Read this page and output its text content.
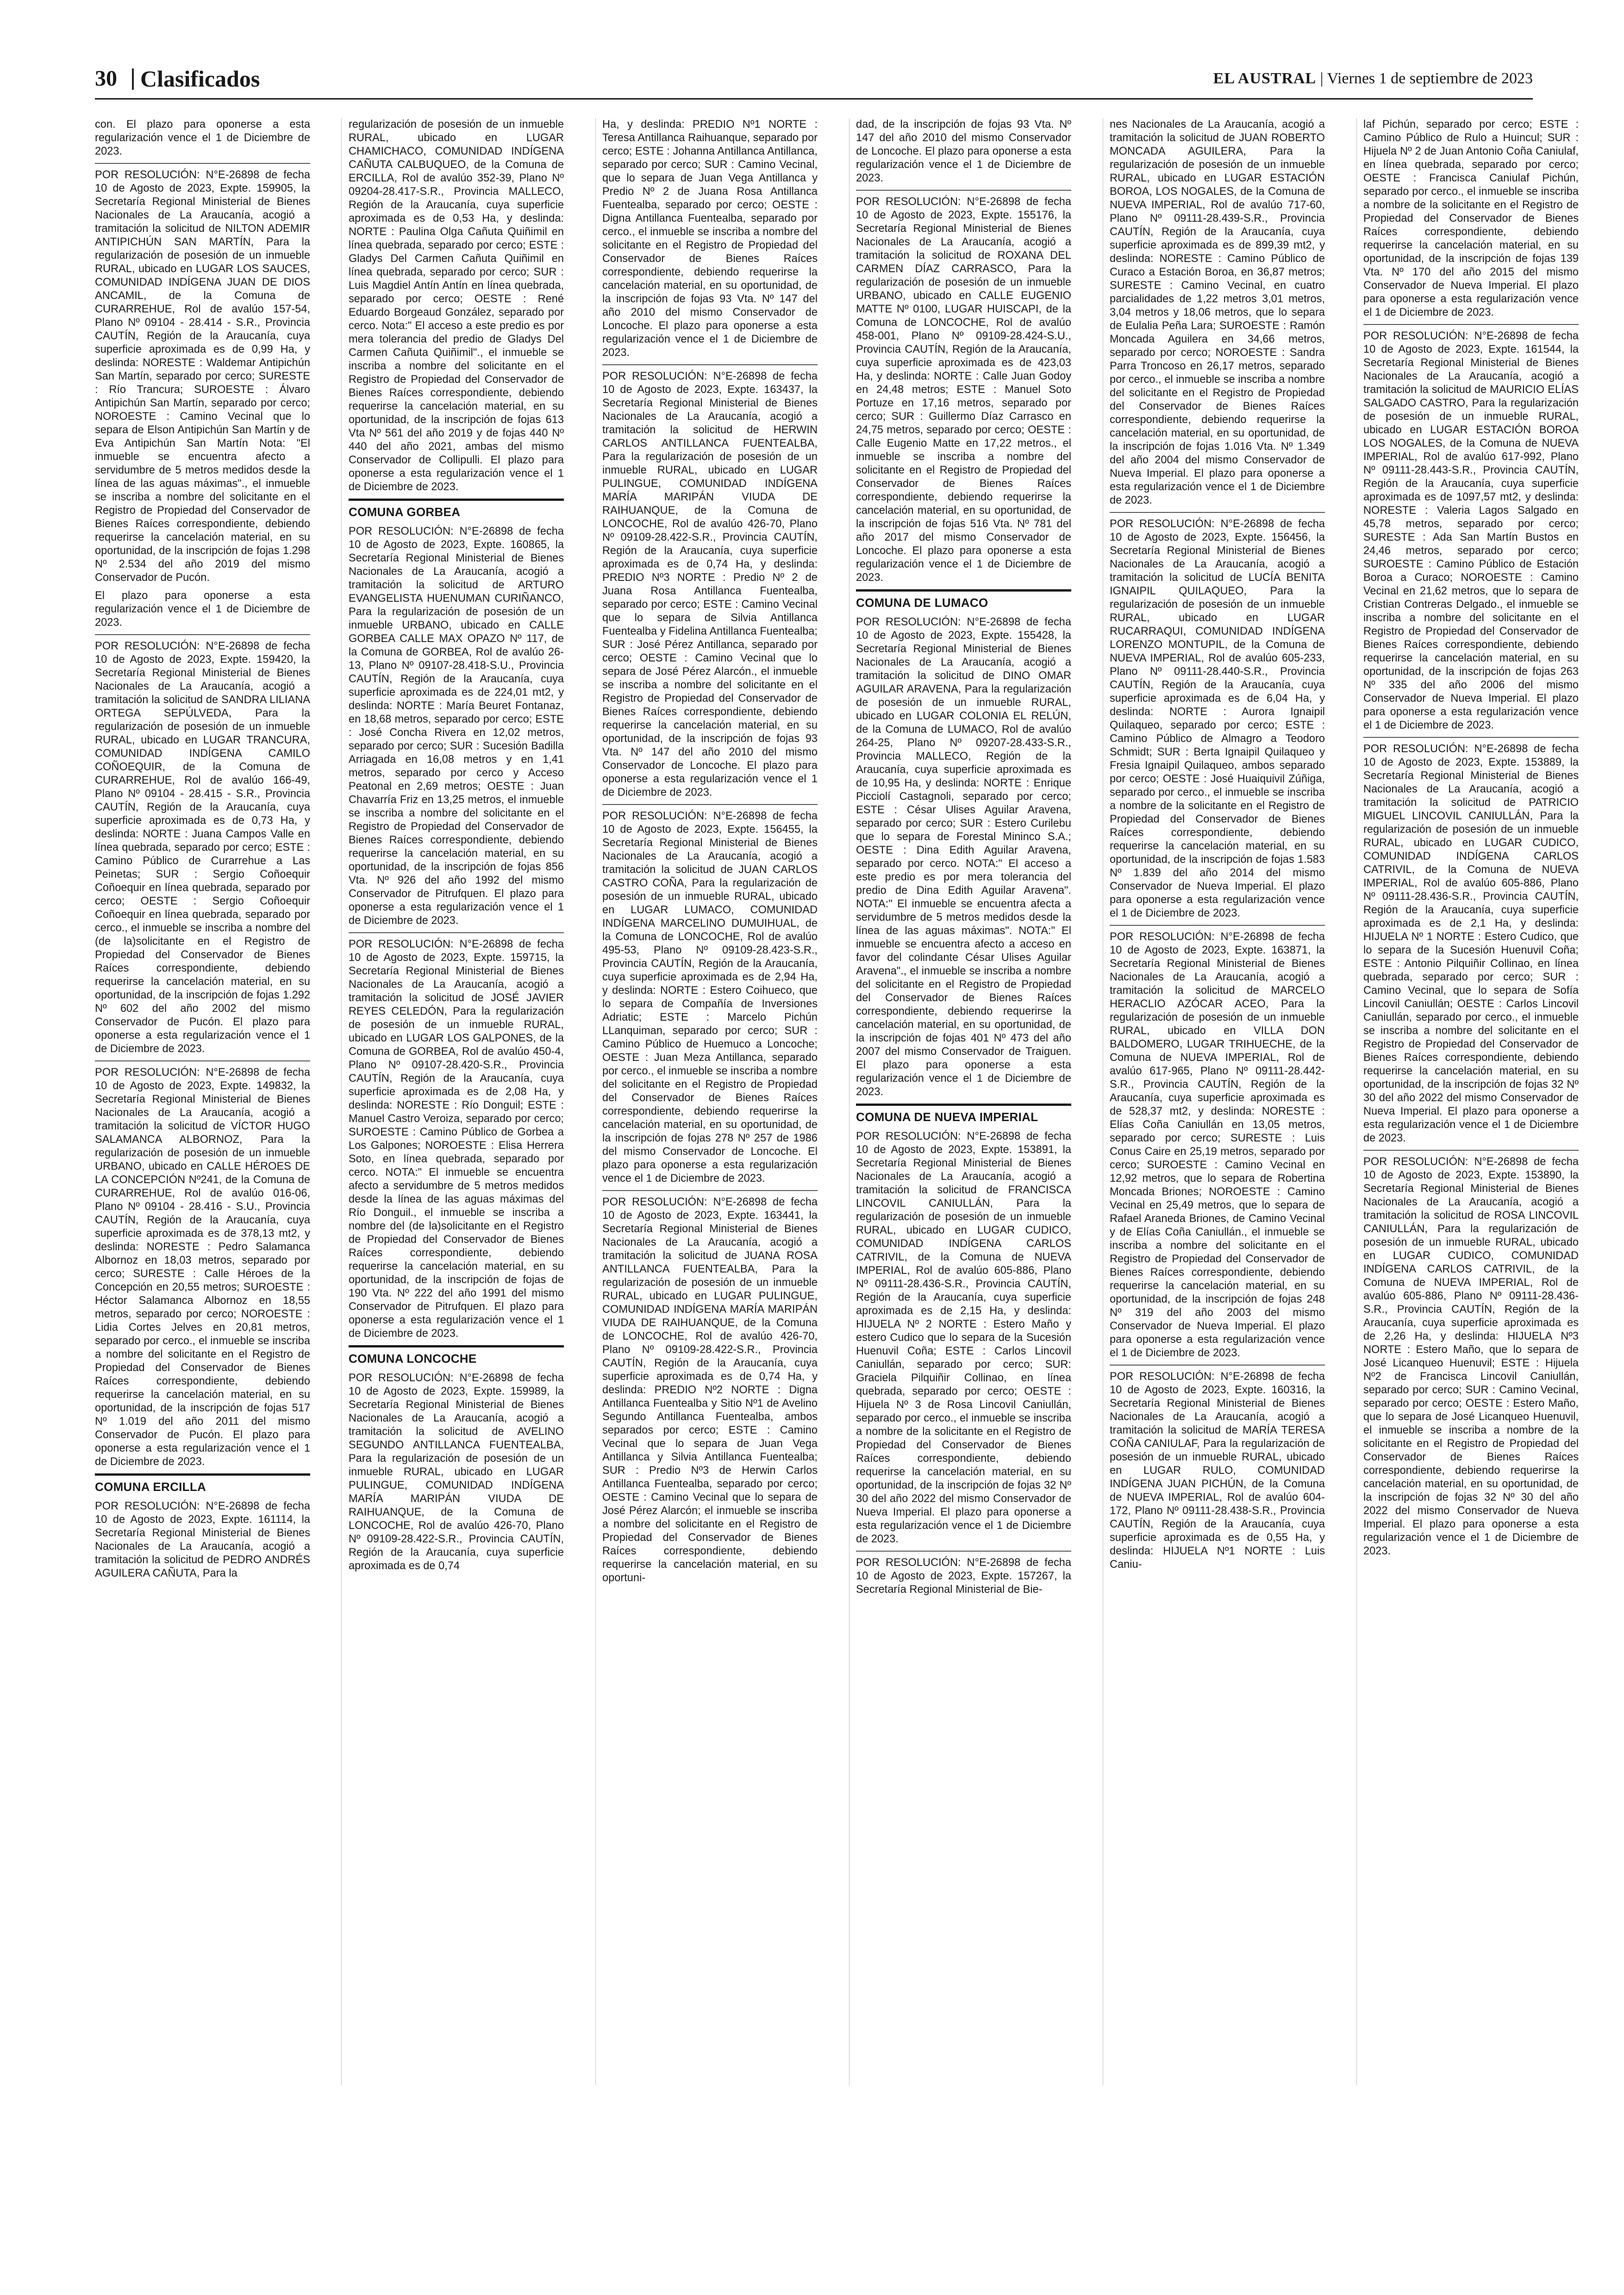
30 Clasificados	EL AUSTRAL | Viernes 1 de septiembre de 2023

con. El plazo para oponerse a esta regularización vence el 1 de Diciembre de 2023.

POR RESOLUCIÓN: N°E-26898 de fecha 10 de Agosto de 2023, Expte. 159905, la Secretaría Regional Ministerial de Bienes Nacionales de La Araucanía, acogió a tramitación la solicitud de NILTON ADEMIR ANTIPICHÚN SAN MARTÍN, Para la regularización de posesión de un inmueble RURAL, ubicado en LUGAR LOS SAUCES, COMUNIDAD INDÍGENA JUAN DE DIOS ANCAMIL, de la Comuna de CURARREHUE, Rol de avalúo 157-54, Plano Nº 09104 - 28.414 - S.R., Provincia CAUTÍN, Región de la Araucanía, cuya superficie aproximada es de 0,99 Ha, y deslinda: NORESTE : Waldemar Antipichún San Martín, separado por cerco; SURESTE : Río Trancura; SUROESTE : Álvaro Antipichún San Martín, separado por cerco; NOROESTE : Camino Vecinal que lo separa de Elson Antipichún San Martín y de Eva Antipichún San Martín Nota: "El inmueble se encuentra afecto a servidumbre de 5 metros medidos desde la línea de las aguas máximas"., el inmueble se inscriba a nombre del solicitante en el Registro de Propiedad del Conservador de Bienes Raíces correspondiente, debiendo requerirse la cancelación material, en su oportunidad, de la inscripción de fojas 1.298 Nº 2.534 del año 2019 del mismo Conservador de Pucón.

El plazo para oponerse a esta regularización vence el 1 de Diciembre de 2023.

POR RESOLUCIÓN: N°E-26898 de fecha 10 de Agosto de 2023, Expte. 159420, la Secretaría Regional Ministerial de Bienes Nacionales de La Araucanía, acogió a tramitación la solicitud de SANDRA LILIANA ORTEGA SEPÚLVEDA, Para la regularización de posesión de un inmueble RURAL, ubicado en LUGAR TRANCURA, COMUNIDAD INDÍGENA CAMILO COÑOEQUIR, de la Comuna de CURARREHUE, Rol de avalúo 166-49, Plano Nº 09104 - 28.415 - S.R., Provincia CAUTÍN, Región de la Araucanía, cuya superficie aproximada es de 0,73 Ha, y deslinda: NORTE : Juana Campos Valle en línea quebrada, separado por cerco; ESTE : Camino Público de Curarrehue a Las Peinetas; SUR : Sergio Coñoequir Coñoequir en línea quebrada, separado por cerco; OESTE : Sergio Coñoequir Coñoequir en línea quebrada, separado por cerco., el inmueble se inscriba a nombre del (de la)solicitante en el Registro de Propiedad del Conservador de Bienes Raíces correspondiente, debiendo requerirse la cancelación material, en su oportunidad, de la inscripción de fojas 1.292 Nº 602 del año 2002 del mismo Conservador de Pucón. El plazo para oponerse a esta regularización vence el 1 de Diciembre de 2023.

POR RESOLUCIÓN: N°E-26898 de fecha 10 de Agosto de 2023, Expte. 149832, la Secretaría Regional Ministerial de Bienes Nacionales de La Araucanía, acogió a tramitación la solicitud de VÍCTOR HUGO SALAMANCA ALBORNOZ, Para la regularización de posesión de un inmueble URBANO, ubicado en CALLE HÉROES DE LA CONCEPCIÓN Nº241, de la Comuna de CURARREHUE, Rol de avalúo 016-06, Plano Nº 09104 - 28.416 - S.U., Provincia CAUTÍN, Región de la Araucanía, cuya superficie aproximada es de 378,13 mt2, y deslinda: NORESTE : Pedro Salamanca Albornoz en 18,03 metros, separado por cerco; SURESTE : Calle Héroes de la Concepción en 20,55 metros; SUROESTE : Héctor Salamanca Albornoz en 18,55 metros, separado por cerco; NOROESTE : Lidia Cortes Jelves en 20,81 metros, separado por cerco., el inmueble se inscriba a nombre del solicitante en el Registro de Propiedad del Conservador de Bienes Raíces correspondiente, debiendo requerirse la cancelación material, en su oportunidad, de la inscripción de fojas 517 Nº 1.019 del año 2011 del mismo Conservador de Pucón. El plazo para oponerse a esta regularización vence el 1 de Diciembre de 2023.

COMUNA ERCILLA

POR RESOLUCIÓN: N°E-26898 de fecha 10 de Agosto de 2023, Expte. 161114, la Secretaría Regional Ministerial de Bienes Nacionales de La Araucanía, acogió a tramitación la solicitud de PEDRO ANDRÉS AGUILERA CAÑUTA, Para la

regularización de posesión de un inmueble RURAL, ubicado en LUGAR CHAMICHACO, COMUNIDAD INDÍGENA CAÑUTA CALBUQUEO, de la Comuna de ERCILLA, Rol de avalúo 352-39, Plano Nº 09204-28.417-S.R., Provincia MALLECO, Región de la Araucanía, cuya superficie aproximada es de 0,53 Ha, y deslinda: NORTE : Paulina Olga Cañuta Quiñimil en línea quebrada, separado por cerco; ESTE : Gladys Del Carmen Cañuta Quiñimil en línea quebrada, separado por cerco; SUR : Luis Magdiel Antín Antín en línea quebrada, separado por cerco; OESTE : René Eduardo Borgeaud González, separado por cerco. Nota:" El acceso a este predio es por mera tolerancia del predio de Gladys Del Carmen Cañuta Quiñimil"., el inmueble se inscriba a nombre del solicitante en el Registro de Propiedad del Conservador de Bienes Raíces correspondiente, debiendo requerirse la cancelación material, en su oportunidad, de la inscripción de fojas 613 Vta Nº 561 del año 2019 y de fojas 440 Nº 440 del año 2021, ambas del mismo Conservador de Collipulli. El plazo para oponerse a esta regularización vence el 1 de Diciembre de 2023.

COMUNA GORBEA

POR RESOLUCIÓN: N°E-26898 de fecha 10 de Agosto de 2023, Expte. 160865, la Secretaría Regional Ministerial de Bienes Nacionales de La Araucanía, acogió a tramitación la solicitud de ARTURO EVANGELISTA HUENUMAN CURIÑANCO, Para la regularización de posesión de un inmueble URBANO, ubicado en CALLE GORBEA CALLE MAX OPAZO Nº 117, de la Comuna de GORBEA, Rol de avalúo 26-13, Plano Nº 09107-28.418-S.U., Provincia CAUTÍN, Región de la Araucanía, cuya superficie aproximada es de 224,01 mt2, y deslinda: NORTE : María Beuret Fontanaz, en 18,68 metros, separado por cerco; ESTE : José Concha Rivera en 12,02 metros, separado por cerco; SUR : Sucesión Badilla Arriagada en 16,08 metros y en 1,41 metros, separado por cerco y Acceso Peatonal en 2,69 metros; OESTE : Juan Chavarría Friz en 13,25 metros, el inmueble se inscriba a nombre del solicitante en el Registro de Propiedad del Conservador de Bienes Raíces correspondiente, debiendo requerirse la cancelación material, en su oportunidad, de la inscripción de fojas 856 Vta. Nº 926 del año 1992 del mismo Conservador de Pitrufquen. El plazo para oponerse a esta regularización vence el 1 de Diciembre de 2023.

POR RESOLUCIÓN: N°E-26898 de fecha 10 de Agosto de 2023, Expte. 159715, la Secretaría Regional Ministerial de Bienes Nacionales de La Araucanía, acogió a tramitación la solicitud de JOSÉ JAVIER REYES CELEDÓN, Para la regularización de posesión de un inmueble RURAL, ubicado en LUGAR LOS GALPONES, de la Comuna de GORBEA, Rol de avalúo 450-4, Plano Nº 09107-28.420-S.R., Provincia CAUTÍN, Región de la Araucanía, cuya superficie aproximada es de 2,08 Ha, y deslinda: NORESTE : Río Donguil; ESTE : Manuel Castro Veroiza, separado por cerco; SUROESTE : Camino Público de Gorbea a Los Galpones; NOROESTE : Elisa Herrera Soto, en línea quebrada, separado por cerco. NOTA:" El inmueble se encuentra afecto a servidumbre de 5 metros medidos desde la línea de las aguas máximas del Río Donguil., el inmueble se inscriba a nombre del (de la)solicitante en el Registro de Propiedad del Conservador de Bienes Raíces correspondiente, debiendo requerirse la cancelación material, en su oportunidad, de la inscripción de fojas de 190 Vta. Nº 222 del año 1991 del mismo Conservador de Pitrufquen. El plazo para oponerse a esta regularización vence el 1 de Diciembre de 2023.

COMUNA LONCOCHE

POR RESOLUCIÓN: N°E-26898 de fecha 10 de Agosto de 2023, Expte. 159989, la Secretaría Regional Ministerial de Bienes Nacionales de La Araucanía, acogió a tramitación la solicitud de AVELINO SEGUNDO ANTILLANCA FUENTEALBA, Para la regularización de posesión de un inmueble RURAL, ubicado en LUGAR PULINGUE, COMUNIDAD INDÍGENA MARÍA MARIPÁN VIUDA DE RAIHUANQUE, de la Comuna de LONCOCHE, Rol de avalúo 426-70, Plano Nº 09109-28.422-S.R., Provincia CAUTÍN, Región de la Araucanía, cuya superficie aproximada es de 0,74

Ha, y deslinda: PREDIO Nº1 NORTE : Teresa Antillanca Raihuanque, separado por cerco; ESTE : Johanna Antillanca Antillanca, separado por cerco; SUR : Camino Vecinal, que lo separa de Juan Vega Antillanca y Predio Nº 2 de Juana Rosa Antillanca Fuentealba, separado por cerco; OESTE : Digna Antillanca Fuentealba, separado por cerco., el inmueble se inscriba a nombre del solicitante en el Registro de Propiedad del Conservador de Bienes Raíces correspondiente, debiendo requerirse la cancelación material, en su oportunidad, de la inscripción de fojas 93 Vta. Nº 147 del año 2010 del mismo Conservador de Loncoche. El plazo para oponerse a esta regularización vence el 1 de Diciembre de 2023.

POR RESOLUCIÓN: N°E-26898 de fecha 10 de Agosto de 2023, Expte. 163437, la Secretaría Regional Ministerial de Bienes Nacionales de La Araucanía, acogió a tramitación la solicitud de HERWIN CARLOS ANTILLANCA FUENTEALBA, Para la regularización de posesión de un inmueble RURAL, ubicado en LUGAR PULINGUE, COMUNIDAD INDÍGENA MARÍA MARIPÁN VIUDA DE RAIHUANQUE, de la Comuna de LONCOCHE, Rol de avalúo 426-70, Plano Nº 09109-28.422-S.R., Provincia CAUTÍN, Región de la Araucanía, cuya superficie aproximada es de 0,74 Ha, y deslinda: PREDIO Nº3 NORTE : Predio Nº 2 de Juana Rosa Antillanca Fuentealba, separado por cerco; ESTE : Camino Vecinal que lo separa de Silvia Antillanca Fuentealba y Fidelina Antillanca Fuentealba; SUR : José Pérez Antillanca, separado por cerco; OESTE : Camino Vecinal que lo separa de José Pérez Alarcón., el inmueble se inscriba a nombre del solicitante en el Registro de Propiedad del Conservador de Bienes Raíces correspondiente, debiendo requerirse la cancelación material, en su oportunidad, de la inscripción de fojas 93 Vta. Nº 147 del año 2010 del mismo Conservador de Loncoche. El plazo para oponerse a esta regularización vence el 1 de Diciembre de 2023.

POR RESOLUCIÓN: N°E-26898 de fecha 10 de Agosto de 2023, Expte. 156455, la Secretaría Regional Ministerial de Bienes Nacionales de La Araucanía, acogió a tramitación la solicitud de JUAN CARLOS CASTRO COÑA, Para la regularización de posesión de un inmueble RURAL, ubicado en LUGAR LUMACO, COMUNIDAD INDÍGENA MARCELINO DUMUIHUAL, de la Comuna de LONCOCHE, Rol de avalúo 495-53, Plano Nº 09109-28.423-S.R., Provincia CAUTÍN, Región de la Araucanía, cuya superficie aproximada es de 2,94 Ha, y deslinda: NORTE : Estero Coihueco, que lo separa de Compañía de Inversiones Adriatic; ESTE : Marcelo Pichún LLanquiman, separado por cerco; SUR : Camino Público de Huemuco a Loncoche; OESTE : Juan Meza Antillanca, separado por cerco., el inmueble se inscriba a nombre del solicitante en el Registro de Propiedad del Conservador de Bienes Raíces correspondiente, debiendo requerirse la cancelación material, en su oportunidad, de la inscripción de fojas 278 Nº 257 de 1986 del mismo Conservador de Loncoche. El plazo para oponerse a esta regularización vence el 1 de Diciembre de 2023.

POR RESOLUCIÓN: N°E-26898 de fecha 10 de Agosto de 2023, Expte. 163441, la Secretaría Regional Ministerial de Bienes Nacionales de La Araucanía, acogió a tramitación la solicitud de JUANA ROSA ANTILLANCA FUENTEALBA, Para la regularización de posesión de un inmueble RURAL, ubicado en LUGAR PULINGUE, COMUNIDAD INDÍGENA MARÍA MARIPÁN VIUDA DE RAIHUANQUE, de la Comuna de LONCOCHE, Rol de avalúo 426-70, Plano Nº 09109-28.422-S.R., Provincia CAUTÍN, Región de la Araucanía, cuya superficie aproximada es de 0,74 Ha, y deslinda: PREDIO Nº2 NORTE : Digna Antillanca Fuentealba y Sitio Nº1 de Avelino Segundo Antillanca Fuentealba, ambos separados por cerco; ESTE : Camino Vecinal que lo separa de Juan Vega Antillanca y Silvia Antillanca Fuentealba; SUR : Predio Nº3 de Herwin Carlos Antillanca Fuentealba, separado por cerco; OESTE : Camino Vecinal que lo separa de José Pérez Alarcón; el inmueble se inscriba a nombre del solicitante en el Registro de Propiedad del Conservador de Bienes Raíces correspondiente, debiendo requerirse la cancelación material, en su oportuni-

dad, de la inscripción de fojas 93 Vta. Nº 147 del año 2010 del mismo Conservador de Loncoche. El plazo para oponerse a esta regularización vence el 1 de Diciembre de 2023.

POR RESOLUCIÓN: N°E-26898 de fecha 10 de Agosto de 2023, Expte. 155176, la Secretaría Regional Ministerial de Bienes Nacionales de La Araucanía, acogió a tramitación la solicitud de ROXANA DEL CARMEN DÍAZ CARRASCO, Para la regularización de posesión de un inmueble URBANO, ubicado en CALLE EUGENIO MATTE Nº 0100, LUGAR HUISCAPI, de la Comuna de LONCOCHE, Rol de avalúo 458-001, Plano Nº 09109-28.424-S.U., Provincia CAUTÍN, Región de la Araucanía, cuya superficie aproximada es de 423,03 Ha, y deslinda: NORTE : Calle Juan Godoy en 24,48 metros; ESTE : Manuel Soto Portuze en 17,16 metros, separado por cerco; SUR : Guillermo Díaz Carrasco en 24,75 metros, separado por cerco; OESTE : Calle Eugenio Matte en 17,22 metros., el inmueble se inscriba a nombre del solicitante en el Registro de Propiedad del Conservador de Bienes Raíces correspondiente, debiendo requerirse la cancelación material, en su oportunidad, de la inscripción de fojas 516 Vta. Nº 781 del año 2017 del mismo Conservador de Loncoche. El plazo para oponerse a esta regularización vence el 1 de Diciembre de 2023.

COMUNA DE LUMACO

POR RESOLUCIÓN: N°E-26898 de fecha 10 de Agosto de 2023, Expte. 155428, la Secretaría Regional Ministerial de Bienes Nacionales de La Araucanía, acogió a tramitación la solicitud de DINO OMAR AGUILAR ARAVENA, Para la regularización de posesión de un inmueble RURAL, ubicado en LUGAR COLONIA EL RELÚN, de la Comuna de LUMACO, Rol de avalúo 264-25, Plano Nº 09207-28.433-S.R., Provincia MALLECO, Región de la Araucanía, cuya superficie aproximada es de 10,95 Ha, y deslinda: NORTE : Enrique Picciolí Castagnoli, separado por cerco; ESTE : César Ulises Aguilar Aravena, separado por cerco; SUR : Estero Curilebu que lo separa de Forestal Mininco S.A.; OESTE : Dina Edith Aguilar Aravena, separado por cerco. NOTA:" El acceso a este predio es por mera tolerancia del predio de Dina Edith Aguilar Aravena". NOTA:" El inmueble se encuentra afecta a servidumbre de 5 metros medidos desde la línea de las aguas máximas". NOTA:" El inmueble se encuentra afecto a acceso en favor del colindante César Ulises Aguilar Aravena"., el inmueble se inscriba a nombre del solicitante en el Registro de Propiedad del Conservador de Bienes Raíces correspondiente, debiendo requerirse la cancelación material, en su oportunidad, de la inscripción de fojas 401 Nº 473 del año 2007 del mismo Conservador de Traiguen. El plazo para oponerse a esta regularización vence el 1 de Diciembre de 2023.

COMUNA DE NUEVA IMPERIAL

POR RESOLUCIÓN: N°E-26898 de fecha 10 de Agosto de 2023, Expte. 153891, la Secretaría Regional Ministerial de Bienes Nacionales de La Araucanía, acogió a tramitación la solicitud de FRANCISCA LINCOVIL CANIULLÁN, Para la regularización de posesión de un inmueble RURAL, ubicado en LUGAR CUDICO, COMUNIDAD INDÍGENA CARLOS CATRIVIL, de la Comuna de NUEVA IMPERIAL, Rol de avalúo 605-886, Plano Nº 09111-28.436-S.R., Provincia CAUTÍN, Región de la Araucanía, cuya superficie aproximada es de 2,15 Ha, y deslinda: HIJUELA Nº 2 NORTE : Estero Maño y estero Cudico que lo separa de la Sucesión Huenuvil Coña; ESTE : Carlos Lincovil Caniullán, separado por cerco; SUR: Graciela Pilquiñir Collinao, en línea quebrada, separado por cerco; OESTE : Hijuela Nº 3 de Rosa Lincovil Caniullán, separado por cerco., el inmueble se inscriba a nombre de la solicitante en el Registro de Propiedad del Conservador de Bienes Raíces correspondiente, debiendo requerirse la cancelación material, en su oportunidad, de la inscripción de fojas 32 Nº 30 del año 2022 del mismo Conservador de Nueva Imperial. El plazo para oponerse a esta regularización vence el 1 de Diciembre de 2023.

POR RESOLUCIÓN: N°E-26898 de fecha 10 de Agosto de 2023, Expte. 157267, la Secretaría Regional Ministerial de Bie-

nes Nacionales de La Araucanía, acogió a tramitación la solicitud de JUAN ROBERTO MONCADA AGUILERA, Para la regularización de posesión de un inmueble RURAL, ubicado en LUGAR ESTACIÓN BOROA, LOS NOGALES, de la Comuna de NUEVA IMPERIAL, Rol de avalúo 717-60, Plano Nº 09111-28.439-S.R., Provincia CAUTÍN, Región de la Araucanía, cuya superficie aproximada es de 899,39 mt2, y deslinda: NORESTE : Camino Público de Curaco a Estación Boroa, en 36,87 metros; SURESTE : Camino Vecinal, en cuatro parcialidades de 1,22 metros 3,01 metros, 3,04 metros y 18,06 metros, que lo separa de Eulalia Peña Lara; SUROESTE : Ramón Moncada Aguilera en 34,66 metros, separado por cerco; NOROESTE : Sandra Parra Troncoso en 26,17 metros, separado por cerco., el inmueble se inscriba a nombre del solicitante en el Registro de Propiedad del Conservador de Bienes Raíces correspondiente, debiendo requerirse la cancelación material, en su oportunidad, de la inscripción de fojas 1.016 Vta. Nº 1.349 del año 2004 del mismo Conservador de Nueva Imperial. El plazo para oponerse a esta regularización vence el 1 de Diciembre de 2023.

POR RESOLUCIÓN: N°E-26898 de fecha 10 de Agosto de 2023, Expte. 156456, la Secretaría Regional Ministerial de Bienes Nacionales de La Araucanía, acogió a tramitación la solicitud de LUCÍA BENITA IGNAIPIL QUILAQUEO, Para la regularización de posesión de un inmueble RURAL, ubicado en LUGAR RUCARRAQUI, COMUNIDAD INDÍGENA LORENZO MONTUPIL, de la Comuna de NUEVA IMPERIAL, Rol de avalúo 605-233, Plano Nº 09111-28.440-S.R., Provincia CAUTÍN, Región de la Araucanía, cuya superficie aproximada es de 6,04 Ha, y deslinda: NORTE : Aurora Ignaipil Quilaqueo, separado por cerco; ESTE : Camino Público de Almagro a Teodoro Schmidt; SUR : Berta Ignaipil Quilaqueo y Fresia Ignaipil Quilaqueo, ambos separado por cerco; OESTE : José Huaiquivil Zúñiga, separado por cerco., el inmueble se inscriba a nombre de la solicitante en el Registro de Propiedad del Conservador de Bienes Raíces correspondiente, debiendo requerirse la cancelación material, en su oportunidad, de la inscripción de fojas 1.583 Nº 1.839 del año 2014 del mismo Conservador de Nueva Imperial. El plazo para oponerse a esta regularización vence el 1 de Diciembre de 2023.

POR RESOLUCIÓN: N°E-26898 de fecha 10 de Agosto de 2023, Expte. 163871, la Secretaría Regional Ministerial de Bienes Nacionales de La Araucanía, acogió a tramitación la solicitud de MARCELO HERACLIO AZÓCAR ACEO, Para la regularización de posesión de un inmueble RURAL, ubicado en VILLA DON BALDOMERO, LUGAR TRIHUECHE, de la Comuna de NUEVA IMPERIAL, Rol de avalúo 617-965, Plano Nº 09111-28.442-S.R., Provincia CAUTÍN, Región de la Araucanía, cuya superficie aproximada es de 528,37 mt2, y deslinda: NORESTE : Elías Coña Caniullán en 13,05 metros, separado por cerco; SURESTE : Luis Conus Caire en 25,19 metros, separado por cerco; SUROESTE : Camino Vecinal en 12,92 metros, que lo separa de Robertina Moncada Briones; NOROESTE : Camino Vecinal en 25,49 metros, que lo separa de Rafael Araneda Briones, de Camino Vecinal y de Elías Coña Caniullán., el inmueble se inscriba a nombre del solicitante en el Registro de Propiedad del Conservador de Bienes Raíces correspondiente, debiendo requerirse la cancelación material, en su oportunidad, de la inscripción de fojas 248 Nº 319 del año 2003 del mismo Conservador de Nueva Imperial. El plazo para oponerse a esta regularización vence el 1 de Diciembre de 2023.

POR RESOLUCIÓN: N°E-26898 de fecha 10 de Agosto de 2023, Expte. 160316, la Secretaría Regional Ministerial de Bienes Nacionales de La Araucanía, acogió a tramitación la solicitud de MARÍA TERESA COÑA CANIULAF, Para la regularización de posesión de un inmueble RURAL, ubicado en LUGAR RULO, COMUNIDAD INDÍGENA JUAN PICHÚN, de la Comuna de NUEVA IMPERIAL, Rol de avalúo 604-172, Plano Nº 09111-28.438-S.R., Provincia CAUTÍN, Región de la Araucanía, cuya superficie aproximada es de 0,55 Ha, y deslinda: HIJUELA Nº1 NORTE : Luis Caniu-

laf Pichún, separado por cerco; ESTE : Camino Público de Rulo a Huincul; SUR : Hijuela Nº 2 de Juan Antonio Coña Caniulaf, en línea quebrada, separado por cerco; OESTE : Francisca Caniulaf Pichún, separado por cerco., el inmueble se inscriba a nombre de la solicitante en el Registro de Propiedad del Conservador de Bienes Raíces correspondiente, debiendo requerirse la cancelación material, en su oportunidad, de la inscripción de fojas 139 Vta. Nº 170 del año 2015 del mismo Conservador de Nueva Imperial. El plazo para oponerse a esta regularización vence el 1 de Diciembre de 2023.

POR RESOLUCIÓN: N°E-26898 de fecha 10 de Agosto de 2023, Expte. 161544, la Secretaría Regional Ministerial de Bienes Nacionales de La Araucanía, acogió a tramitación la solicitud de MAURICIO ELÍAS SALGADO CASTRO, Para la regularización de posesión de un inmueble RURAL, ubicado en LUGAR ESTACIÓN BOROA LOS NOGALES, de la Comuna de NUEVA IMPERIAL, Rol de avalúo 617-992, Plano Nº 09111-28.443-S.R., Provincia CAUTÍN, Región de la Araucanía, cuya superficie aproximada es de 1097,57 mt2, y deslinda: NORESTE : Valeria Lagos Salgado en 45,78 metros, separado por cerco; SURESTE : Ada San Martín Bustos en 24,46 metros, separado por cerco; SUROESTE : Camino Público de Estación Boroa a Curaco; NOROESTE : Camino Vecinal en 21,62 metros, que lo separa de Cristian Contreras Delgado., el inmueble se inscriba a nombre del solicitante en el Registro de Propiedad del Conservador de Bienes Raíces correspondiente, debiendo requerirse la cancelación material, en su oportunidad, de la inscripción de fojas 263 Nº 335 del año 2006 del mismo Conservador de Nueva Imperial. El plazo para oponerse a esta regularización vence el 1 de Diciembre de 2023.

POR RESOLUCIÓN: N°E-26898 de fecha 10 de Agosto de 2023, Expte. 153889, la Secretaría Regional Ministerial de Bienes Nacionales de La Araucanía, acogió a tramitación la solicitud de PATRICIO MIGUEL LINCOVIL CANIULLÁN, Para la regularización de posesión de un inmueble RURAL, ubicado en LUGAR CUDICO, COMUNIDAD INDÍGENA CARLOS CATRIVIL, de la Comuna de NUEVA IMPERIAL, Rol de avalúo 605-886, Plano Nº 09111-28.436-S.R., Provincia CAUTÍN, Región de la Araucanía, cuya superficie aproximada es de 2,1 Ha, y deslinda: HIJUELA Nº 1 NORTE : Estero Cudico, que lo separa de la Sucesión Huenuvil Coña; ESTE : Antonio Pilquiñir Collinao, en línea quebrada, separado por cerco; SUR : Camino Vecinal, que lo separa de Sofía Lincovil Caniullán; OESTE : Carlos Lincovil Caniullán, separado por cerco., el inmueble se inscriba a nombre del solicitante en el Registro de Propiedad del Conservador de Bienes Raíces correspondiente, debiendo requerirse la cancelación material, en su oportunidad, de la inscripción de fojas 32 Nº 30 del año 2022 del mismo Conservador de Nueva Imperial. El plazo para oponerse a esta regularización vence el 1 de Diciembre de 2023.

POR RESOLUCIÓN: N°E-26898 de fecha 10 de Agosto de 2023, Expte. 153890, la Secretaría Regional Ministerial de Bienes Nacionales de La Araucanía, acogió a tramitación la solicitud de ROSA LINCOVIL CANIULLÁN, Para la regularización de posesión de un inmueble RURAL, ubicado en LUGAR CUDICO, COMUNIDAD INDÍGENA CARLOS CATRIVIL, de la Comuna de NUEVA IMPERIAL, Rol de avalúo 605-886, Plano Nº 09111-28.436-S.R., Provincia CAUTÍN, Región de la Araucanía, cuya superficie aproximada es de 2,26 Ha, y deslinda: HIJUELA Nº3 NORTE : Estero Maño, que lo separa de José Licanqueo Huenuvil; ESTE : Hijuela Nº2 de Francisca Lincovil Caniullán, separado por cerco; SUR : Camino Vecinal, separado por cerco; OESTE : Estero Maño, que lo separa de José Licanqueo Huenuvil, el inmueble se inscriba a nombre de la solicitante en el Registro de Propiedad del Conservador de Bienes Raíces correspondiente, debiendo requerirse la cancelación material, en su oportunidad, de la inscripción de fojas 32 Nº 30 del año 2022 del mismo Conservador de Nueva Imperial. El plazo para oponerse a esta regularización vence el 1 de Diciembre de 2023.
